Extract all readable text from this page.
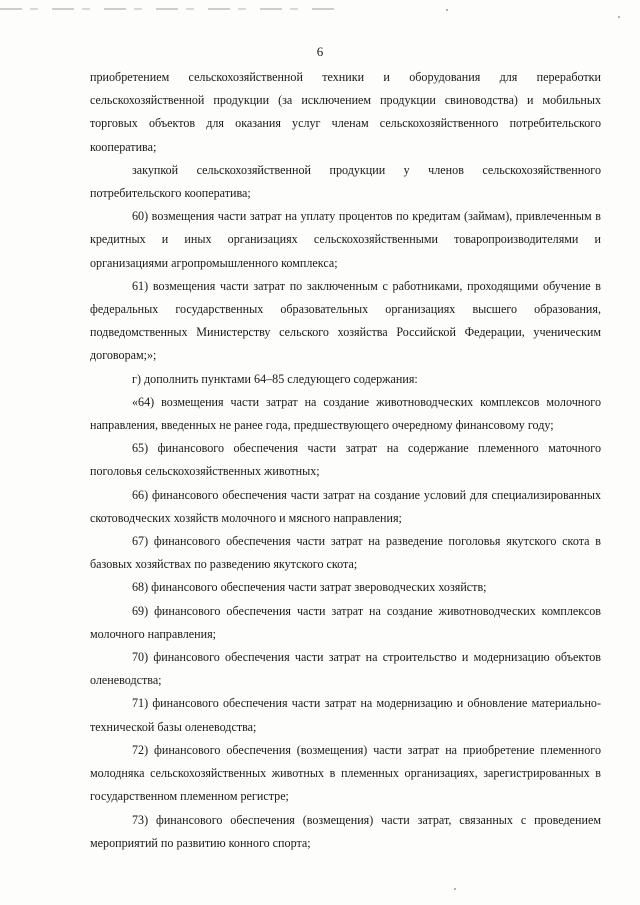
6

приобретением сельскохозяйственной техники и оборудования для переработки сельскохозяйственной продукции (за исключением продукции свиноводства) и мобильных торговых объектов для оказания услуг членам сельскохозяйственного потребительского кооператива;

закупкой сельскохозяйственной продукции у членов сельскохозяйственного потребительского кооператива;

60) возмещения части затрат на уплату процентов по кредитам (займам), привлеченным в кредитных и иных организациях сельскохозяйственными товаропроизводителями и организациями агропромышленного комплекса;

61) возмещения части затрат по заключенным с работниками, проходящими обучение в федеральных государственных образовательных организациях высшего образования, подведомственных Министерству сельского хозяйства Российской Федерации, ученическим договорам;»;

г) дополнить пунктами 64–85 следующего содержания:

«64) возмещения части затрат на создание животноводческих комплексов молочного направления, введенных не ранее года, предшествующего очередному финансовому году;

65) финансового обеспечения части затрат на содержание племенного маточного поголовья сельскохозяйственных животных;

66) финансового обеспечения части затрат на создание условий для специализированных скотоводческих хозяйств молочного и мясного направления;

67) финансового обеспечения части затрат на разведение поголовья якутского скота в базовых хозяйствах по разведению якутского скота;

68) финансового обеспечения части затрат звероводческих хозяйств;

69) финансового обеспечения части затрат на создание животноводческих комплексов молочного направления;

70) финансового обеспечения части затрат на строительство и модернизацию объектов оленеводства;

71) финансового обеспечения части затрат на модернизацию и обновление материально-технической базы оленеводства;

72) финансового обеспечения (возмещения) части затрат на приобретение племенного молодняка сельскохозяйственных животных в племенных организациях, зарегистрированных в государственном племенном регистре;

73) финансового обеспечения (возмещения) части затрат, связанных с проведением мероприятий по развитию конного спорта;
